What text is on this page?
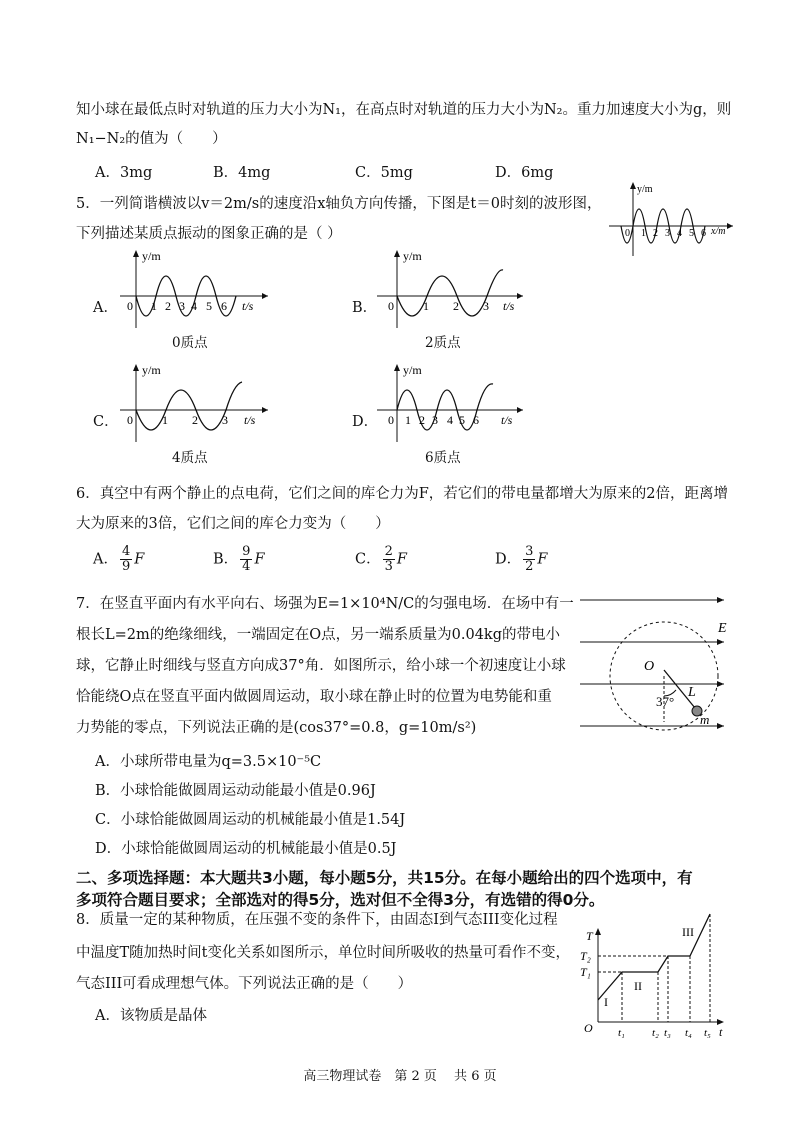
知小球在最低点时对轨道的压力大小为N₁，在高点时对轨道的压力大小为N₂。重力加速度大小为g，则
N₁−N₂的值为（　　）
A．3mg	B．4mg	C．5mg	D．6mg
5．一列简谐横波以v＝2m/s的速度沿x轴负方向传播，下图是t＝0时刻的波形图，
下列描述某质点振动的图象正确的是（ ）
y/m
x/m
0 1 2 3 4 5 6
A．
y/m
t/s
0 1 2 3 4 5 6
0质点
B．
y/m
t/s
0 1 2 3
2质点
C．
y/m
t/s
0 1 2 3
4质点
D．
y/m
t/s
0 1 2 3 4 5 6
6质点
6．真空中有两个静止的点电荷，它们之间的库仑力为F，若它们的带电量都增大为原来的2倍，距离增
大为原来的3倍，它们之间的库仑力变为（　　）
A． $\frac{4}{9}$ F	B． $\frac{9}{4}$ F	C． $\frac{2}{3}$ F	D． $\frac{3}{2}$ F
7．在竖直平面内有水平向右、场强为E=1×10⁴N/C的匀强电场．在场中有一
根长L=2m的绝缘细线，一端固定在O点，另一端系质量为0.04kg的带电小
球，它静止时细线与竖直方向成37°角．如图所示，给小球一个初速度让小球
恰能绕O点在竖直平面内做圆周运动，取小球在静止时的位置为电势能和重
力势能的零点，下列说法正确的是(cos37°=0.8，g=10m/s²)
A．小球所带电量为q=3.5×10⁻⁵C
B．小球恰能做圆周运动动能最小值是0.96J
C．小球恰能做圆周运动的机械能最小值是1.54J
D．小球恰能做圆周运动的机械能最小值是0.5J
E
O
L
37°
m
二、多项选择题：本大题共3小题，每小题5分，共15分。在每小题给出的四个选项中，有
多项符合题目要求；全部选对的得5分，选对但不全得3分，有选错的得0分。
8．质量一定的某种物质，在压强不变的条件下，由固态I到气态III变化过程
中温度T随加热时间t变化关系如图所示，单位时间所吸收的热量可看作不变，
气态III可看成理想气体。下列说法正确的是（　　）
A．该物质是晶体
T
T₂
T₁
O	t
I
II
III
t₁ t₂ t₃ t₄ t₅
高三物理试卷　第 2 页　 共 6 页
